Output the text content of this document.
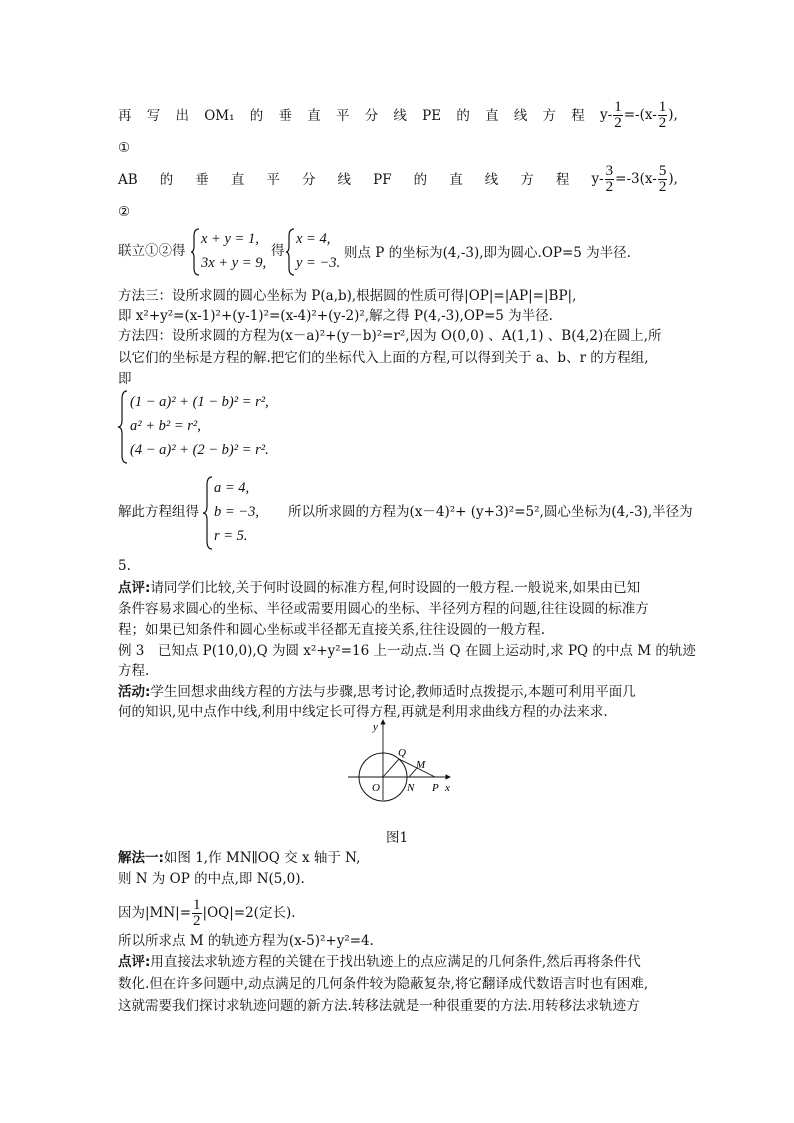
再 写 出 OM₁ 的 垂 直 平 分 线 PE 的 直 线 方 程 $y- \frac{1}{2} =-(x- \frac{1}{2}$ ),
①
AB 的 垂 直 平 分 线 PF 的 直 线 方 程 $y- \frac{3}{2} =-3(x- \frac{5}{2}$ ),
②
联立①②得
x + y = 1,
3x + y = 9,
得
x = 4,
y = −3.
则点 P 的坐标为(4,-3),即为圆心.OP=5 为半径.
方法三：设所求圆的圆心坐标为 P(a,b),根据圆的性质可得|OP|=|AP|=|BP|,
即 x²+y²=(x-1)²+(y-1)²=(x-4)²+(y-2)²,解之得 P(4,-3),OP=5 为半径.
方法四：设所求圆的方程为(x－a)²+(y－b)²=r²,因为 O(0,0) 、A(1,1) 、B(4,2)在圆上,所
以它们的坐标是方程的解.把它们的坐标代入上面的方程,可以得到关于 a、b、r 的方程组,
即
(1 − a)² + (1 − b)² = r²,
a² + b² = r²,
(4 − a)² + (2 − b)² = r².
解此方程组得
a = 4,
b = −3,
r = 5.
所以所求圆的方程为(x－4)²+ (y+3)²=5²,圆心坐标为(4,-3),半径为
5.
点评:请同学们比较,关于何时设圆的标准方程,何时设圆的一般方程.一般说来,如果由已知
条件容易求圆心的坐标、半径或需要用圆心的坐标、半径列方程的问题,往往设圆的标准方
程；如果已知条件和圆心坐标或半径都无直接关系,往往设圆的一般方程.
例 3　已知点 P(10,0),Q 为圆 x²+y²=16 上一动点.当 Q 在圆上运动时,求 PQ 的中点 M 的轨迹
方程.
活动:学生回想求曲线方程的方法与步骤,思考讨论,教师适时点拨提示,本题可利用平面几
何的知识,见中点作中线,利用中线定长可得方程,再就是利用求曲线方程的办法来求.
y
x
O
Q
M
N P
图1
解法一:如图 1,作 MN∥OQ 交 x 轴于 N,
则 N 为 OP 的中点,即 N(5,0).
因为$|MN|= \frac{1}{2} |OQ|=2$(定长).
所以所求点 M 的轨迹方程为(x-5)²+y²=4.
点评:用直接法求轨迹方程的关键在于找出轨迹上的点应满足的几何条件,然后再将条件代
数化.但在许多问题中,动点满足的几何条件较为隐蔽复杂,将它翻译成代数语言时也有困难,
这就需要我们探讨求轨迹问题的新方法.转移法就是一种很重要的方法.用转移法求轨迹方
